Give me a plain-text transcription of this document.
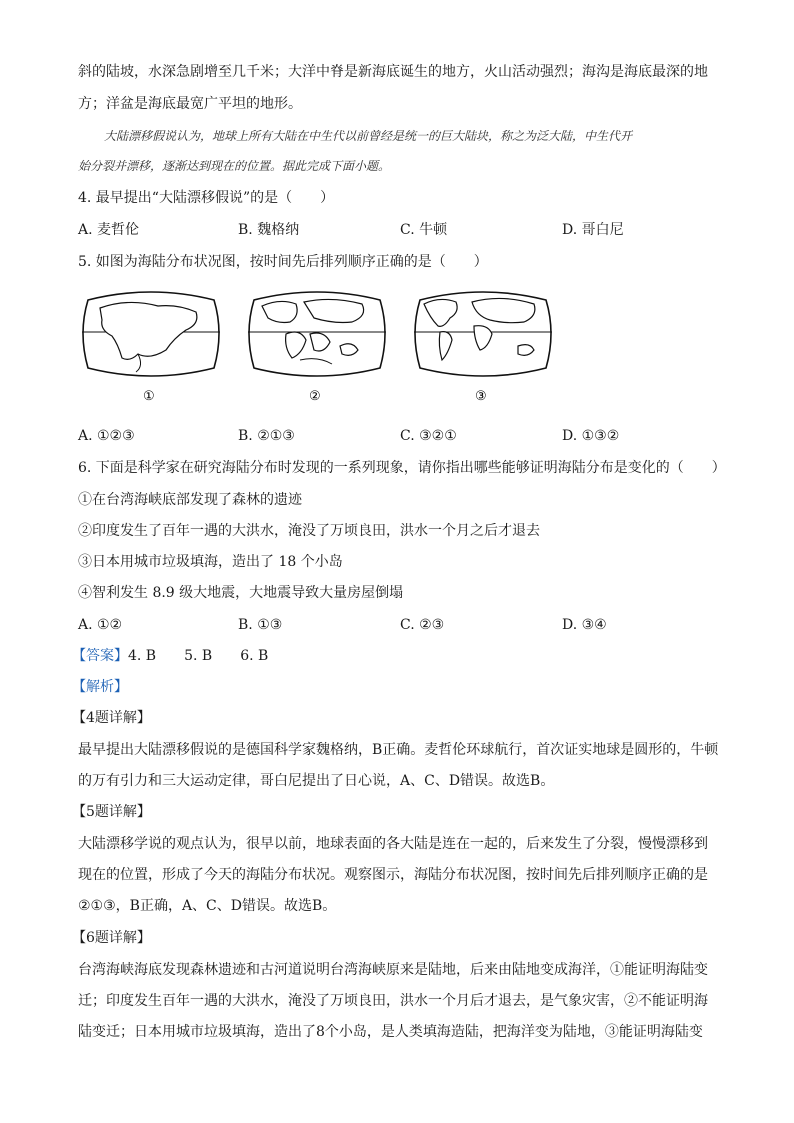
斜的陆坡，水深急剧增至几千米；大洋中脊是新海底诞生的地方，火山活动强烈；海沟是海底最深的地
方；洋盆是海底最宽广平坦的地形。
大陆漂移假说认为，地球上所有大陆在中生代以前曾经是统一的巨大陆块，称之为泛大陆，中生代开
始分裂并漂移，逐渐达到现在的位置。据此完成下面小题。
4. 最早提出“大陆漂移假说”的是（　　）
A. 麦哲伦	B. 魏格纳	C. 牛顿	D. 哥白尼
5. 如图为海陆分布状况图，按时间先后排列顺序正确的是（　　）
①	②	③
A. ①②③	B. ②①③	C. ③②①	D. ①③②
6. 下面是科学家在研究海陆分布时发现的一系列现象，请你指出哪些能够证明海陆分布是变化的（　　）
①在台湾海峡底部发现了森林的遗迹
②印度发生了百年一遇的大洪水，淹没了万顷良田，洪水一个月之后才退去
③日本用城市垃圾填海，造出了 18 个小岛
④智利发生 8.9 级大地震，大地震导致大量房屋倒塌
A. ①②	B. ①③	C. ②③	D. ③④
【答案】4. B　　5. B　　6. B
【解析】
【4题详解】
最早提出大陆漂移假说的是德国科学家魏格纳，B正确。麦哲伦环球航行，首次证实地球是圆形的，牛顿
的万有引力和三大运动定律，哥白尼提出了日心说，A、C、D错误。故选B。
【5题详解】
大陆漂移学说的观点认为，很早以前，地球表面的各大陆是连在一起的，后来发生了分裂，慢慢漂移到
现在的位置，形成了今天的海陆分布状况。观察图示，海陆分布状况图，按时间先后排列顺序正确的是
②①③，B正确，A、C、D错误。故选B。
【6题详解】
台湾海峡海底发现森林遗迹和古河道说明台湾海峡原来是陆地，后来由陆地变成海洋，①能证明海陆变
迁；印度发生百年一遇的大洪水，淹没了万顷良田，洪水一个月后才退去，是气象灾害，②不能证明海
陆变迁；日本用城市垃圾填海，造出了8个小岛，是人类填海造陆，把海洋变为陆地，③能证明海陆变
